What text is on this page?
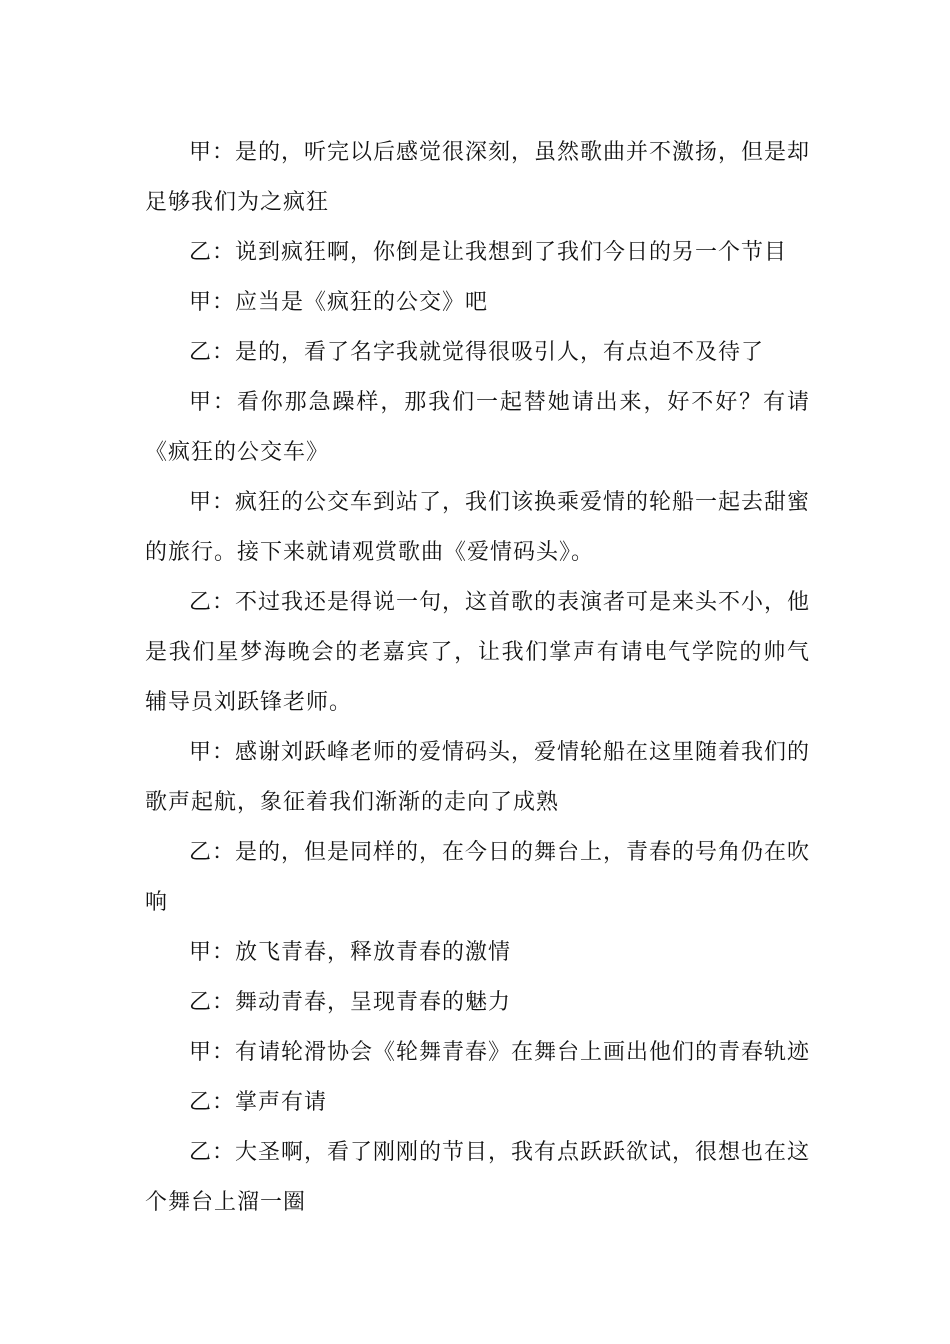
甲：是的，听完以后感觉很深刻，虽然歌曲并不激扬，但是却足够我们为之疯狂

乙：说到疯狂啊，你倒是让我想到了我们今日的另一个节目

甲：应当是《疯狂的公交》吧

乙：是的，看了名字我就觉得很吸引人，有点迫不及待了

甲：看你那急躁样，那我们一起替她请出来，好不好？有请《疯狂的公交车》

甲：疯狂的公交车到站了，我们该换乘爱情的轮船一起去甜蜜的旅行。接下来就请观赏歌曲《爱情码头》。

乙：不过我还是得说一句，这首歌的表演者可是来头不小，他是我们星梦海晚会的老嘉宾了，让我们掌声有请电气学院的帅气辅导员刘跃锋老师。

甲：感谢刘跃峰老师的爱情码头，爱情轮船在这里随着我们的歌声起航，象征着我们渐渐的走向了成熟

乙：是的，但是同样的，在今日的舞台上，青春的号角仍在吹响

甲：放飞青春，释放青春的激情

乙：舞动青春，呈现青春的魅力

甲：有请轮滑协会《轮舞青春》在舞台上画出他们的青春轨迹

乙：掌声有请

乙：大圣啊，看了刚刚的节目，我有点跃跃欲试，很想也在这个舞台上溜一圈
